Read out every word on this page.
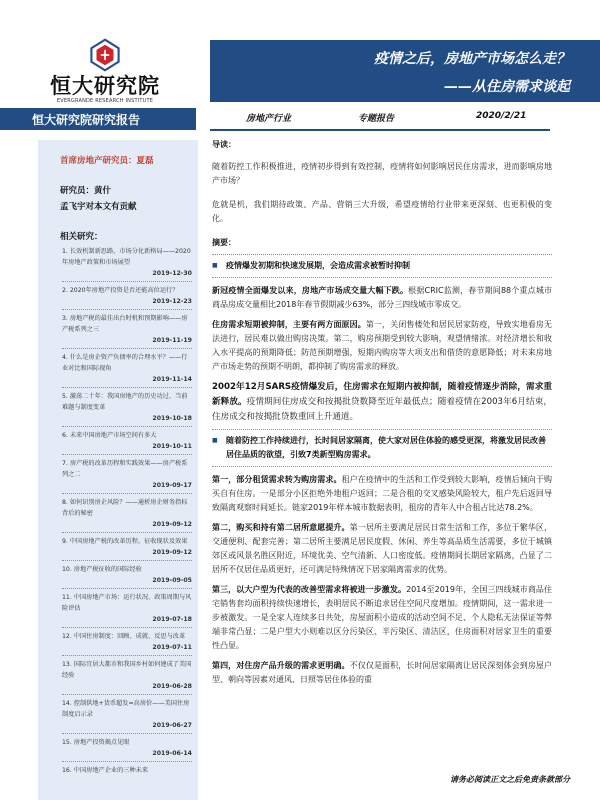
恒大研究院
EVERGRANDE RESEARCH INSTITUTE
疫情之后，房地产市场怎么走？
——从住房需求谈起
恒大研究院研究报告	房地产行业	专题报告	2020/2/21
首席房地产研究员：夏磊
研究员：黄什
孟飞宇对本文有贡献
相关研究：
1. 长效机制新思路，市场分化新格局——2020年房地产政策和市场展望
2019-12-30
2. 2020年房地产投资是否还能高位运行？
2019-12-23
3. 房地产税的最佳出台时机和预期影响——房产税系列之三
2019-11-19
4. 什么是房企资产负债率的合理水平？——行业对比和国际视角
2019-11-14
5. 激荡二十年：我国房地产的历史功过、当前难题与制度变革
2019-10-18
6. 未来中国房地产市场空间有多大
2019-10-11
7. 房产税的改革历程和实践效果——房产税系列之二
2019-09-17
8. 如何识别房企风险？——通析房企财务指标背后的秘密
2019-09-12
9. 中国房地产税的改革历程、征收现状及效果
2019-09-12
10. 房地产税征收的国际经验
2019-09-05
11. 中国房地产市场：运行状况、政策周期与风险评估
2019-07-18
12. 中国住房制度：回顾、成就、反思与改革
2019-07-11
13. 国际宜居大都市和我国乡村如何建成了美国经验
2019-06-28
14. 控制供地+货币超发=高房价——美国住房制度启示录
2019-06-27
15. 房地产投资揭点见眼
2019-06-14
16. 中国房地产企业的三种未来

导读：

随着防控工作积极推进，疫情初步得到有效控制，疫情将如何影响居民住房需求，进而影响房地产市场？

危就是机，我们期待政策、产品、营销三大升级，希望疫情给行业带来更深刻、也更积极的变化。

摘要：

■ 疫情爆发初期和快速发展期，会造成需求被暂时抑制

新冠疫情全面爆发以来，房地产市场成交量大幅下跌。根据CRIC监测，春节期间88个重点城市商品房成交量相比2018年春节假期减少63%，部分三四线城市零成交。

住房需求短期被抑制，主要有两方面原因。第一，关闭售楼处和居民居家防疫，导致实地看房无法进行，居民难以做出购房决策。第二，购房预期受到较大影响，观望情绪浓。对经济增长和收入水平提高的预期降低；防范预期增强，短期内购房等大项支出和借贷的意愿降低；对未来房地产市场走势的预期不明朗，都抑制了购房需求的释放。

2002年12月SARS疫情爆发后，住房需求在短期内被抑制，随着疫情逐步消除，需求重新释放。疫情期间住房成交和按揭批贷数降至近年最低点；随着疫情在2003年6月结束，住房成交和按揭批贷数重回上升通道。

■ 随着防控工作持续进行，长时间居家隔离，使大家对居住体验的感受更深，将激发居民改善居住品质的欲望，引致7类新型购房需求。

第一，部分租赁需求转为购房需求。租户在疫情中的生活和工作受到较大影响，疫情后倾向于购买自有住房。一是部分小区拒绝外地租户返回；二是合租的交叉感染风险较大，租户先后返回导致隔离观察时间延长。链家2019年样本城市数据表明，租房的青年人中合租占比达78.2%。

第二，购买和持有第二居所意愿提升。第一居所主要满足居民日常生活和工作，多位于繁华区，交通便利、配套完善；第二居所主要满足居民度假、休闲、养生等高品质生活需要，多位于城镇郊区或风景名胜区附近，环境优美、空气清新、人口密度低。疫情期间长期居家隔离，凸显了二居所不仅居住品质更好，还可满足特殊情况下居家隔离需求的优势。

第三，以大户型为代表的改善型需求将被进一步激发。2014至2019年，全国三四线城市商品住宅销售套均面积持续快速增长，表明居民不断追求居住空间尺度增加。疫情期间，这一需求进一步被激发。一是全家人连续多日共处，房屋面积小造成的活动空间不足、个人隐私无法保证等弊端非常凸显；二是户型大小则难以区分污染区、半污染区、清洁区，住房面积对居家卫生的重要性凸显。

第四，对住房产品升级的需求更明确。不仅仅是面积，长时间居家隔离让居民深刻体会到房屋户型、朝向等因素对通风、日照等居住体验的重

请务必阅读正文之后免责条款部分
